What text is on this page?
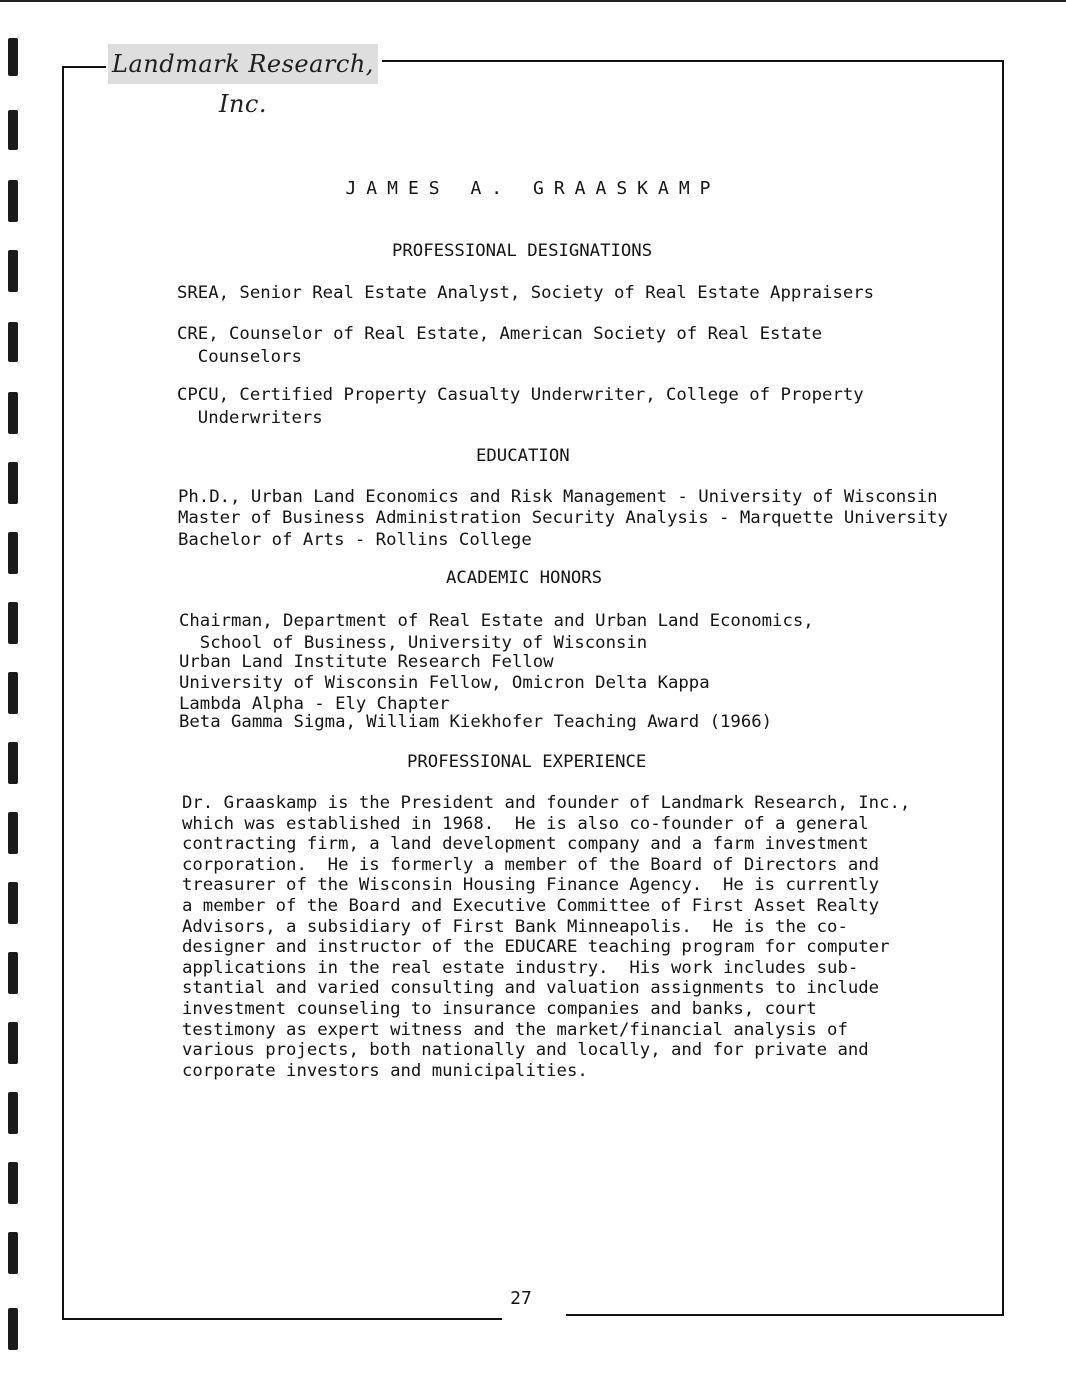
Landmark Research, Inc.
JAMES A. GRAASKAMP
PROFESSIONAL DESIGNATIONS
SREA, Senior Real Estate Analyst, Society of Real Estate Appraisers
CRE, Counselor of Real Estate, American Society of Real Estate
Counselors
CPCU, Certified Property Casualty Underwriter, College of Property
Underwriters
EDUCATION
Ph.D., Urban Land Economics and Risk Management - University of Wisconsin
Master of Business Administration Security Analysis - Marquette University
Bachelor of Arts - Rollins College
ACADEMIC HONORS
Chairman, Department of Real Estate and Urban Land Economics,
School of Business, University of Wisconsin
Urban Land Institute Research Fellow
University of Wisconsin Fellow, Omicron Delta Kappa
Lambda Alpha - Ely Chapter
Beta Gamma Sigma, William Kiekhofer Teaching Award (1966)
PROFESSIONAL EXPERIENCE
Dr. Graaskamp is the President and founder of Landmark Research, Inc.,
which was established in 1968.  He is also co-founder of a general
contracting firm, a land development company and a farm investment
corporation.  He is formerly a member of the Board of Directors and
treasurer of the Wisconsin Housing Finance Agency.  He is currently
a member of the Board and Executive Committee of First Asset Realty
Advisors, a subsidiary of First Bank Minneapolis.  He is the co-
designer and instructor of the EDUCARE teaching program for computer
applications in the real estate industry.  His work includes sub-
stantial and varied consulting and valuation assignments to include
investment counseling to insurance companies and banks, court
testimony as expert witness and the market/financial analysis of
various projects, both nationally and locally, and for private and
corporate investors and municipalities.
27
